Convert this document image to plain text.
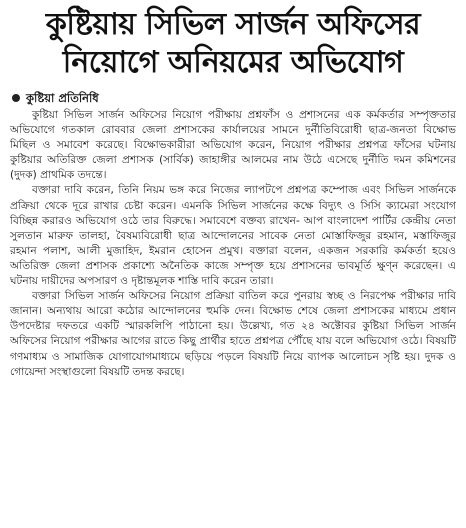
কুষ্টিয়ায় সিভিল সার্জন অফিসের
নিয়োগে অনিয়মের অভিযোগ
কুষ্টিয়া প্রতিনিধি

কুষ্টিয়া সিভিল সার্জন অফিসের নিয়োগ পরীক্ষায় প্রশ্নফাঁস ও প্রশাসনের এক কর্মকর্তার সম্পৃক্ততার অভিযোগে গতকাল রোববার জেলা প্রশাসকের কার্যালয়ের সামনে দুর্নীতিবিরোধী ছাত্র-জনতা বিক্ষোভ মিছিল ও সমাবেশ করেছে। বিক্ষোভকারীরা অভিযোগ করেন, নিয়োগ পরীক্ষার প্রশ্নপত্র ফাঁসের ঘটনায় কুষ্টিয়ার অতিরিক্ত জেলা প্রশাসক (সার্বিক) জাহাঙ্গীর আলমের নাম উঠে এসেছে দুর্নীতি দমন কমিশনের (দুদক) প্রাথমিক তদন্তে।

বক্তারা দাবি করেন, তিনি নিয়ম ভঙ্গ করে নিজের ল্যাপটপে প্রশ্নপত্র কম্পোজ এবং সিভিল সার্জনকে প্রক্রিয়া থেকে দূরে রাখার চেষ্টা করেন। এমনকি সিভিল সার্জনের কক্ষে বিদ্যুৎ ও সিসি ক্যামেরা সংযোগ বিচ্ছিন্ন করারও অভিযোগ ওঠে তার বিরুদ্ধে। সমাবেশে বক্তব্য রাখেন- আপ বাংলাদেশ পার্টির কেন্দ্রীয় নেতা সুলতান মারুফ তালহা, বৈষম্যবিরোধী ছাত্র আন্দোলনের সাবেক নেতা মোস্তাফিজুর রহমান, মস্তাফিজুর রহমান পলাশ, আলী মুজাহিদ, ইমরান হোসেন প্রমুখ। বক্তারা বলেন, একজন সরকারি কর্মকর্তা হয়েও অতিরিক্ত জেলা প্রশাসক প্রকাশ্যে অনৈতিক কাজে সম্পৃক্ত হয়ে প্রশাসনের ভাবমূর্তি ক্ষুণ্ন করেছেন। এ ঘটনায় দায়ীদের অপসারণ ও দৃষ্টান্তমূলক শাস্তি দাবি করেন তারা।

বক্তারা সিভিল সার্জন অফিসের নিয়োগ প্রক্রিয়া বাতিল করে পুনরায় স্বচ্ছ ও নিরপেক্ষ পরীক্ষার দাবি জানান। অন্যথায় আরো কঠোর আন্দোলনের হুমকি দেন। বিক্ষোভ শেষে জেলা প্রশাসকের মাধ্যমে প্রধান উপদেষ্টার দফতরে একটি স্মারকলিপি পাঠানো হয়। উল্লেখ্য, গত ২৪ অক্টোবর কুষ্টিয়া সিভিল সার্জন অফিসের নিয়োগ পরীক্ষার আগের রাতে কিছু প্রার্থীর হাতে প্রশ্নপত্র পৌঁছে যায় বলে অভিযোগ ওঠে। বিষয়টি গণমাধ্যম ও সামাজিক যোগাযোগমাধ্যমে ছড়িয়ে পড়লে বিষয়টি নিয়ে ব্যাপক আলোচন সৃষ্টি হয়। দুদক ও গোয়েন্দা সংস্থাগুলো বিষয়টি তদন্ত করছে।
